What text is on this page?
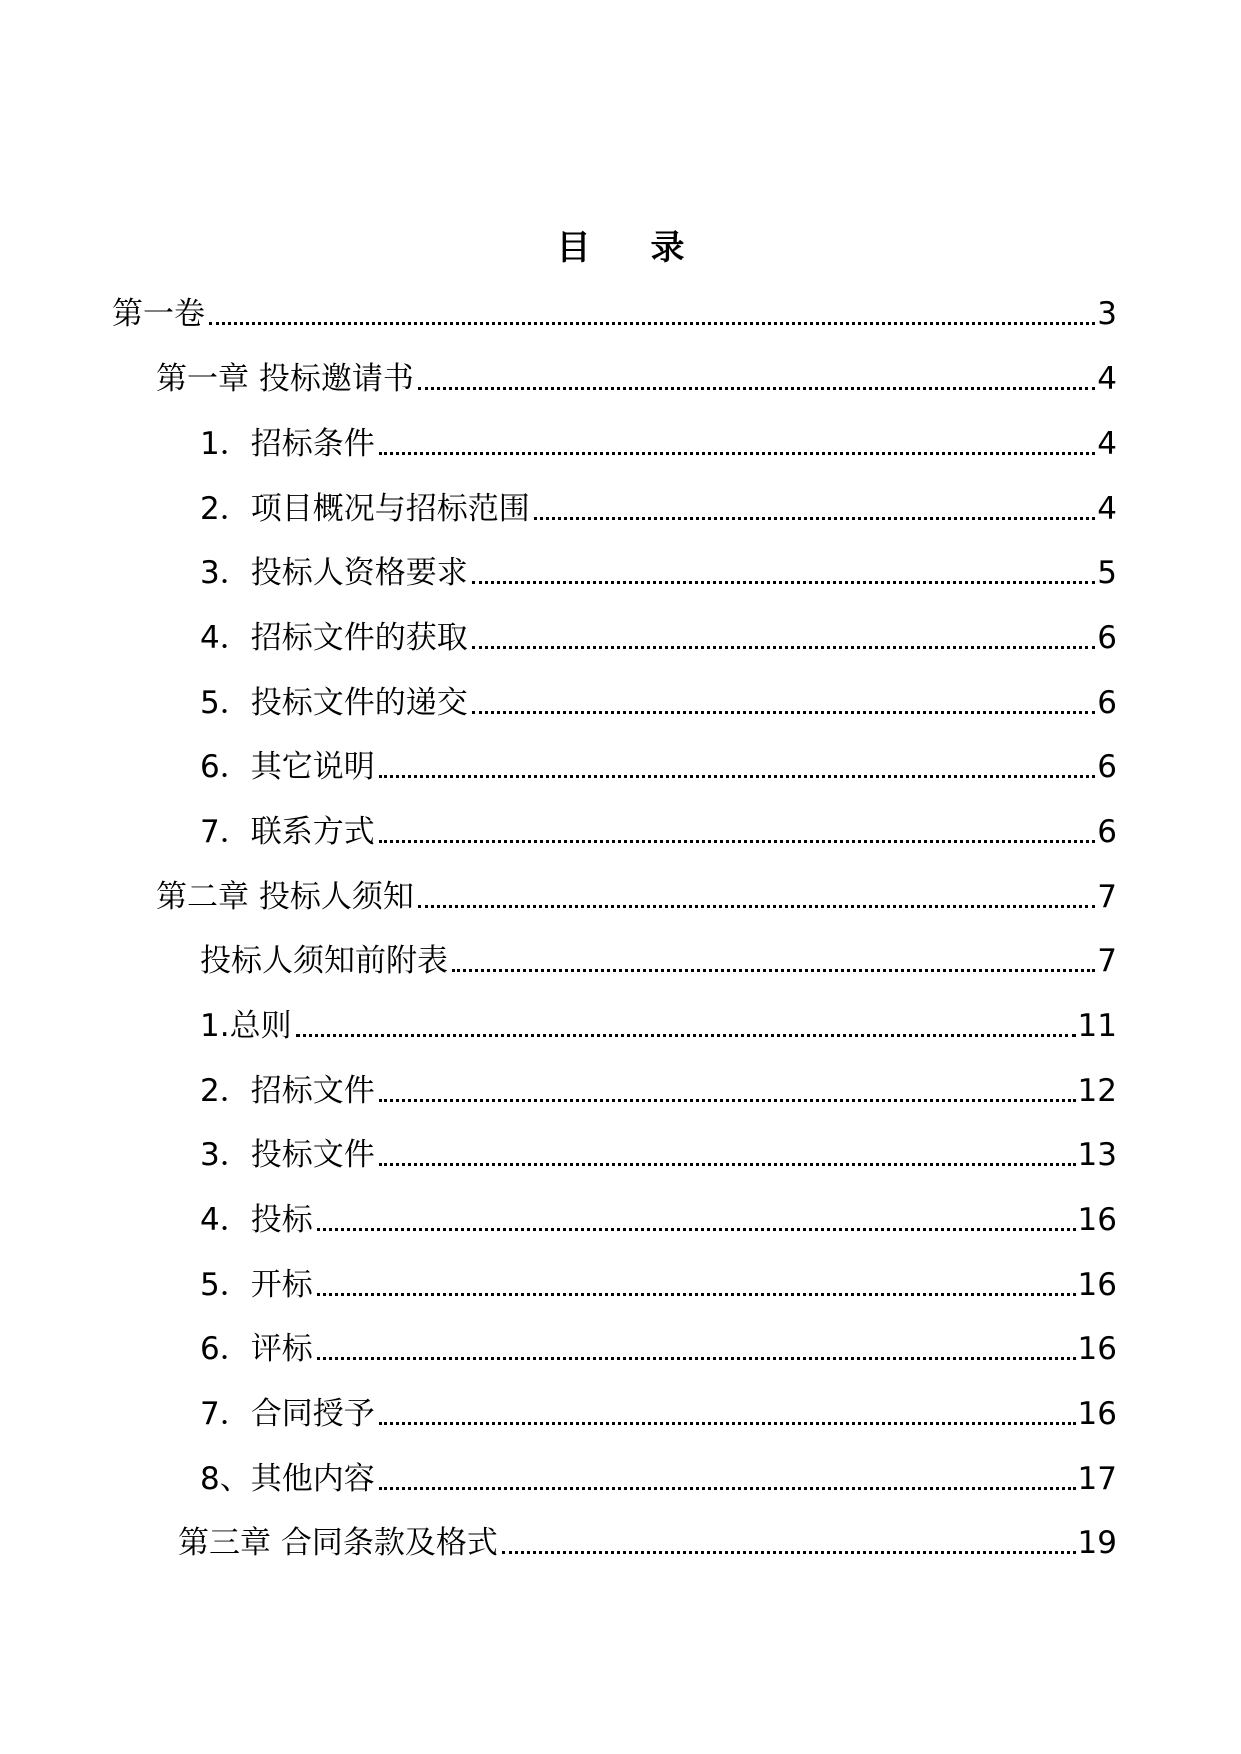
目 录
第一卷	3
第一章 投标邀请书	4
1．招标条件	4
2．项目概况与招标范围	4
3．投标人资格要求	5
4．招标文件的获取	6
5．投标文件的递交	6
6．其它说明	6
7．联系方式	6
第二章 投标人须知	7
投标人须知前附表	7
1.总则	11
2．招标文件	12
3．投标文件	13
4．投标	16
5．开标	16
6．评标	16
7．合同授予	16
8、其他内容	17
第三章 合同条款及格式	19
